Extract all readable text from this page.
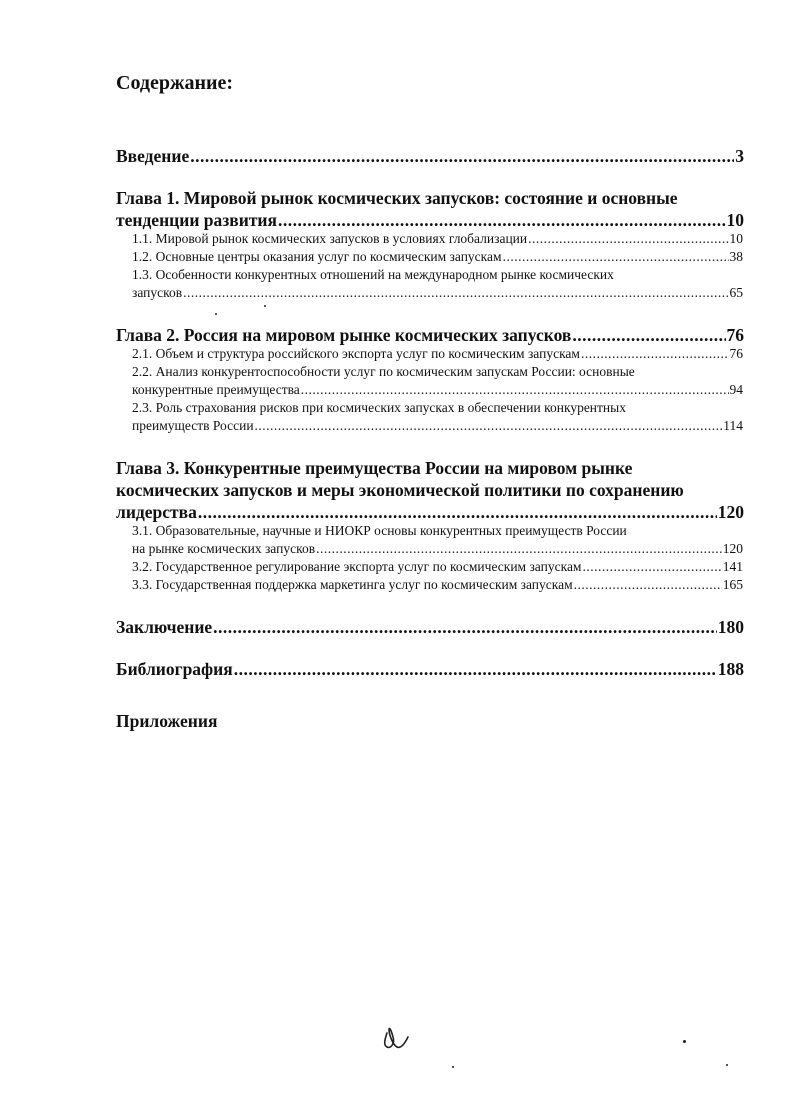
Содержание:
Введение .....	3
Глава 1. Мировой рынок космических запусков: состояние и основные
тенденции развития .....	10
1.1. Мировой рынок космических запусков в условиях глобализации .....	10
1.2. Основные центры оказания услуг по космическим запускам .....	38
1.3. Особенности конкурентных отношений на международном рынке космических
запусков .....	65
Глава 2. Россия на мировом рынке космических запусков .....	76
2.1. Объем и структура российского экспорта услуг по космическим запускам .....	76
2.2. Анализ конкурентоспособности услуг по космическим запускам России: основные
конкурентные преимущества .....	94
2.3. Роль страхования рисков при космических запусках в обеспечении конкурентных
преимуществ России .....	114
Глава 3. Конкурентные преимущества России на мировом рынке
космических запусков и меры экономической политики по сохранению
лидерства .....	120
3.1. Образовательные, научные и НИОКР основы конкурентных преимуществ России
на рынке космических запусков .....	120
3.2. Государственное регулирование экспорта услуг по космическим запускам .....	141
3.3. Государственная поддержка маркетинга услуг по космическим запускам .....	165
Заключение .....	180
Библиография .....	188
Приложения
